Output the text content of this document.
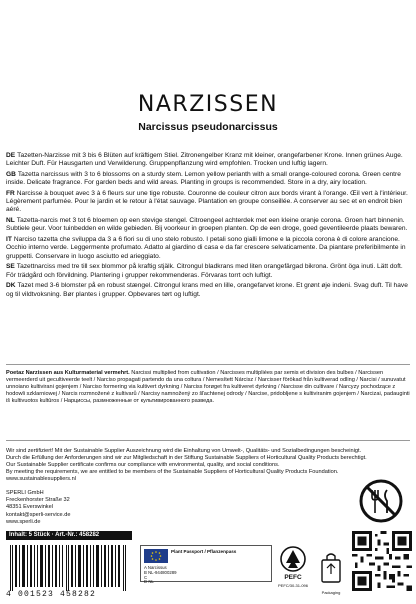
NARZISSEN
Narcissus pseudonarcissus

DE Tazetten-Narzisse mit 3 bis 6 Blüten auf kräftigem Stiel. Zitronengelber Kranz mit kleiner, orangefarbener Krone. Innen grünes Auge. Leichter Duft. Für Hausgarten und Verwilderung. Gruppenpflanzung wird empfohlen. Trocken und luftig lagern.

GB Tazetta narcissus with 3 to 6 blossoms on a sturdy stem. Lemon yellow perianth with a small orange-coloured corona. Green centre inside. Delicate fragrance. For garden beds and wild areas. Planting in groups is recommended. Store in a dry, airy location.

FR Narcisse à bouquet avec 3 à 6 fleurs sur une tige robuste. Couronne de couleur citron aux bords virant à l'orange. Œil vert à l'intérieur. Légèrement parfumée. Pour le jardin et le retour à l'état sauvage. Plantation en groupe conseillée. A conserver au sec et en endroit bien aéré.

NL Tazetta-narcis met 3 tot 6 bloemen op een stevige stengel. Citroengeel achterdek met een kleine oranje corona. Groen hart binnenin. Subtiele geur. Voor tuinbedden en wilde gebieden. Bij voorkeur in groepen planten. Op de een droge, goed geventileerde plaats bewaren.

IT Narciso tazetta che sviluppa da 3 a 6 fiori su di uno stelo robusto. I petali sono gialli limone e la piccola corona è di colore arancione. Occhio interno verde. Leggermente profumato. Adatto al giardino di casa e da far crescere selvaticamente. Da piantare preferibilmente in gruppetti. Conservare in luogo asciutto ed arieggiato.

SE Tazettnarciss med tre till sex blommor på kraftig stjälk. Citrongul bladkrans med liten orangefärgad bikrona. Grönt öga inuti. Lätt doft. För trädgård och förvildning. Plantering i grupper rekommenderas. Förvaras torrt och luftigt.

DK Tazet med 3-6 blomster på en robust stængel. Citrongul krans med en lille, orangefarvet krone. Et grønt øje indeni. Svag duft. Til have og til vildtvoksning. Bør plantes i grupper. Opbevares tørt og luftigt.

Poetaz Narzissen aus Kulturmaterial vermehrt. Narcissi multiplied from cultivation / Narcisses multipliées par semis et division des bulbes / Narcissen vermeerderd uit gecultiveerde teelt / Narciso propagati partendo da una coltura / Nemesített Nárcisz / Narcisser förökad från kultiverad odling / Narcisi / sunuvatut unnoiano kultivirani gojenjem / Narciso formering via kultivert dyrkning / Narciss forøget fra kultiveret dyrkning / Narcisse din cultivare / Narcyzy pochodzące z hodowli szklarniowej / Narcis rozmnožené z kultivarů / Narcisy namnožený zo šľachtenej odrody / Narcise, pridobljene s kultiviranim gojenjem / Narcizai, padauginti iš kultivuotos kultūros / Нарциссы, размноженные от культивированного разведа.
Wir sind zertifiziert! Mit der Sustainable Supplier Auszeichnung wird die Einhaltung von Umwelt-, Qualitäts- und Sozialbedingungen bescheinigt.
Durch die Erfüllung der Anforderungen sind wir zur Mitgliedschaft in der Stiftung Sustainable Suppliers of Horticultural Quality Products berechtigt.
Our Sustainable Supplier certificate confirms our compliance with environmental, quality, and social conditions.
By meeting the requirements, we are entitled to be members of the Sustainable Suppliers of Horticultural Quality Products Foundation.
www.sustainablesuppliers.nl
SPERLI GmbH
Freckenhorster Straße 32
48351 Everswinkel
kontakt@sperli-service.de
www.sperli.de
Inhalt: 5 Stück · Art.-Nr.: 458282
4 001523 458282
Plant Passport / Pflanzenpass
A Narcissus
B NL-944800289
C
D NL
PEFC
PEFC/30-31-096
Packaging
